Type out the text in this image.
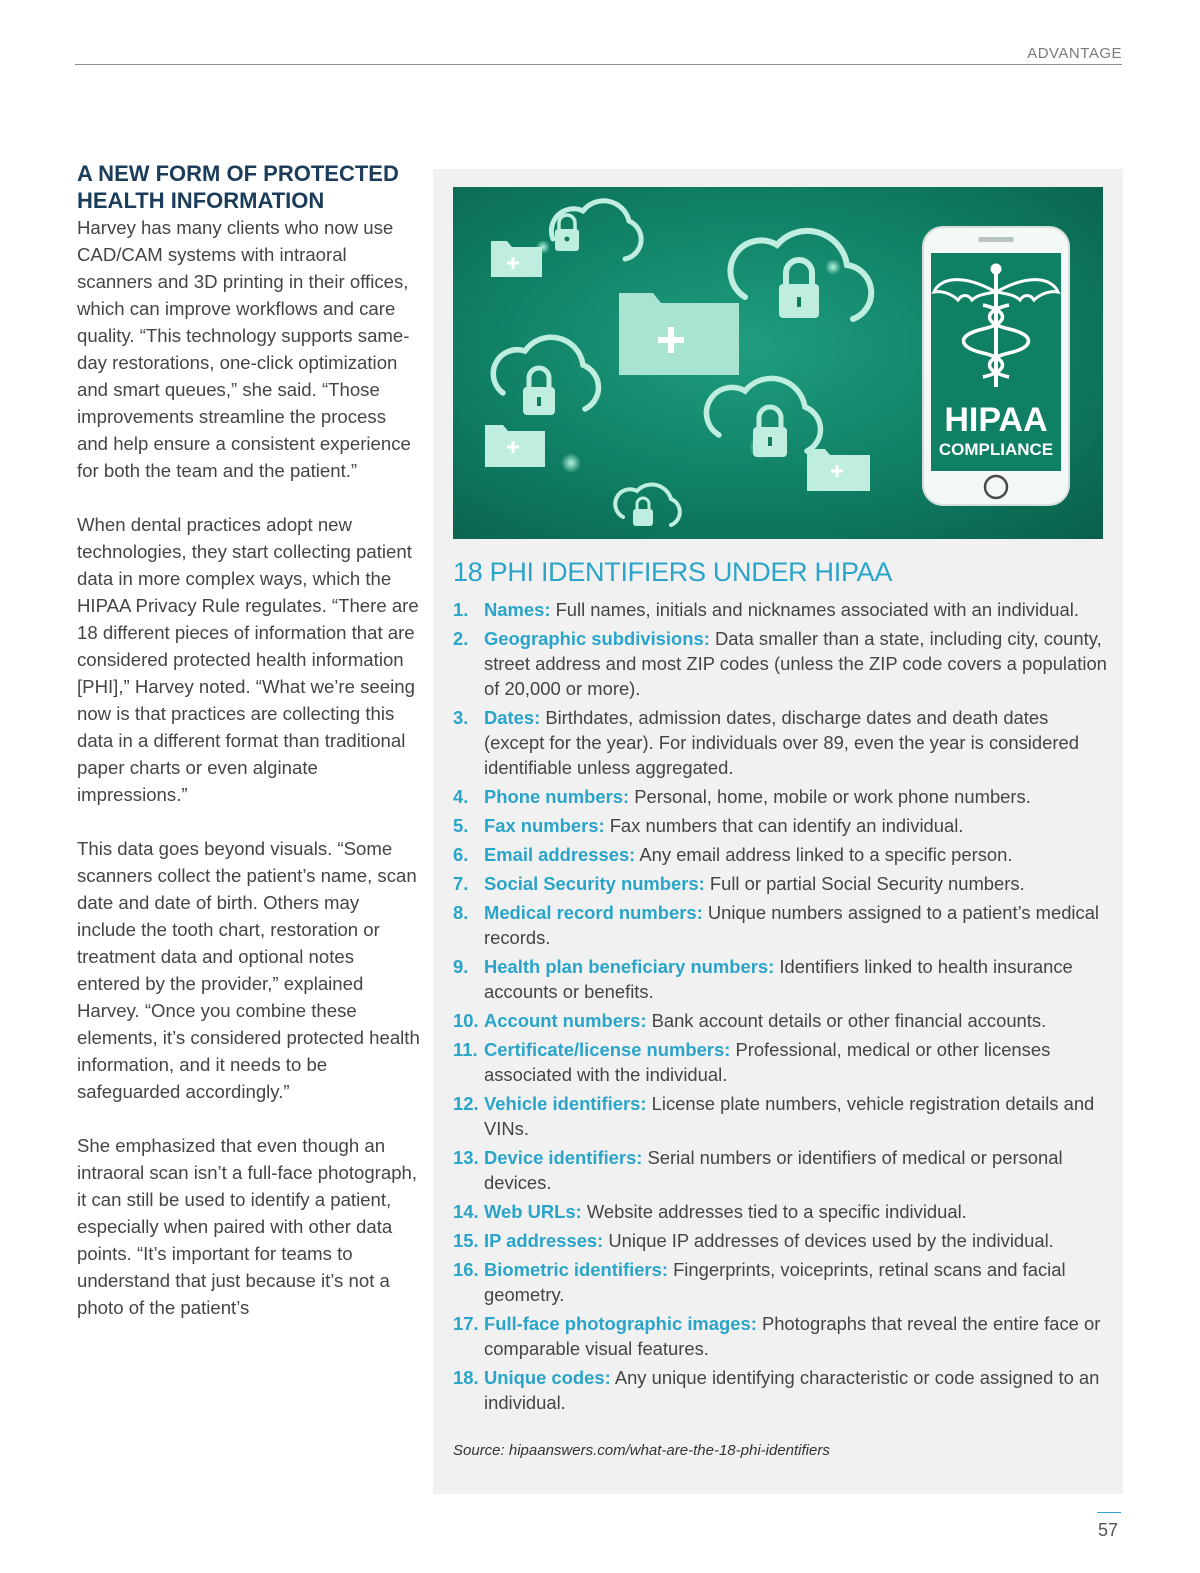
ADVANTAGE
A NEW FORM OF PROTECTED HEALTH INFORMATION

Harvey has many clients who now use CAD/CAM systems with intraoral scanners and 3D printing in their offices, which can improve workflows and care quality. “This technology supports same-day restorations, one-click optimization and smart queues,” she said. “Those improvements streamline the process and help ensure a consistent experience for both the team and the patient.”

When dental practices adopt new technologies, they start collecting patient data in more complex ways, which the HIPAA Privacy Rule regulates. “There are 18 different pieces of information that are considered protected health information [PHI],” Harvey noted. “What we’re seeing now is that practices are collecting this data in a different format than traditional paper charts or even alginate impressions.”

This data goes beyond visuals. “Some scanners collect the patient’s name, scan date and date of birth. Others may include the tooth chart, restoration or treatment data and optional notes entered by the provider,” explained Harvey. “Once you combine these elements, it’s considered protected health information, and it needs to be safeguarded accordingly.”

She emphasized that even though an intraoral scan isn’t a full-face photograph, it can still be used to identify a patient, especially when paired with other data points. “It’s important for teams to understand that just because it’s not a photo of the patient’s

HIPAA
COMPLIANCE
18 PHI IDENTIFIERS UNDER HIPAA
1. Names: Full names, initials and nicknames associated with an individual.
2. Geographic subdivisions: Data smaller than a state, including city, county, street address and most ZIP codes (unless the ZIP code covers a population of 20,000 or more).
3. Dates: Birthdates, admission dates, discharge dates and death dates (except for the year). For individuals over 89, even the year is considered identifiable unless aggregated.
4. Phone numbers: Personal, home, mobile or work phone numbers.
5. Fax numbers: Fax numbers that can identify an individual.
6. Email addresses: Any email address linked to a specific person.
7. Social Security numbers: Full or partial Social Security numbers.
8. Medical record numbers: Unique numbers assigned to a patient’s medical records.
9. Health plan beneficiary numbers: Identifiers linked to health insurance accounts or benefits.
10. Account numbers: Bank account details or other financial accounts.
11. Certificate/license numbers: Professional, medical or other licenses associated with the individual.
12. Vehicle identifiers: License plate numbers, vehicle registration details and VINs.
13. Device identifiers: Serial numbers or identifiers of medical or personal devices.
14. Web URLs: Website addresses tied to a specific individual.
15. IP addresses: Unique IP addresses of devices used by the individual.
16. Biometric identifiers: Fingerprints, voiceprints, retinal scans and facial geometry.
17. Full-face photographic images: Photographs that reveal the entire face or comparable visual features.
18. Unique codes: Any unique identifying characteristic or code assigned to an individual.
Source: hipaanswers.com/what-are-the-18-phi-identifiers
57
